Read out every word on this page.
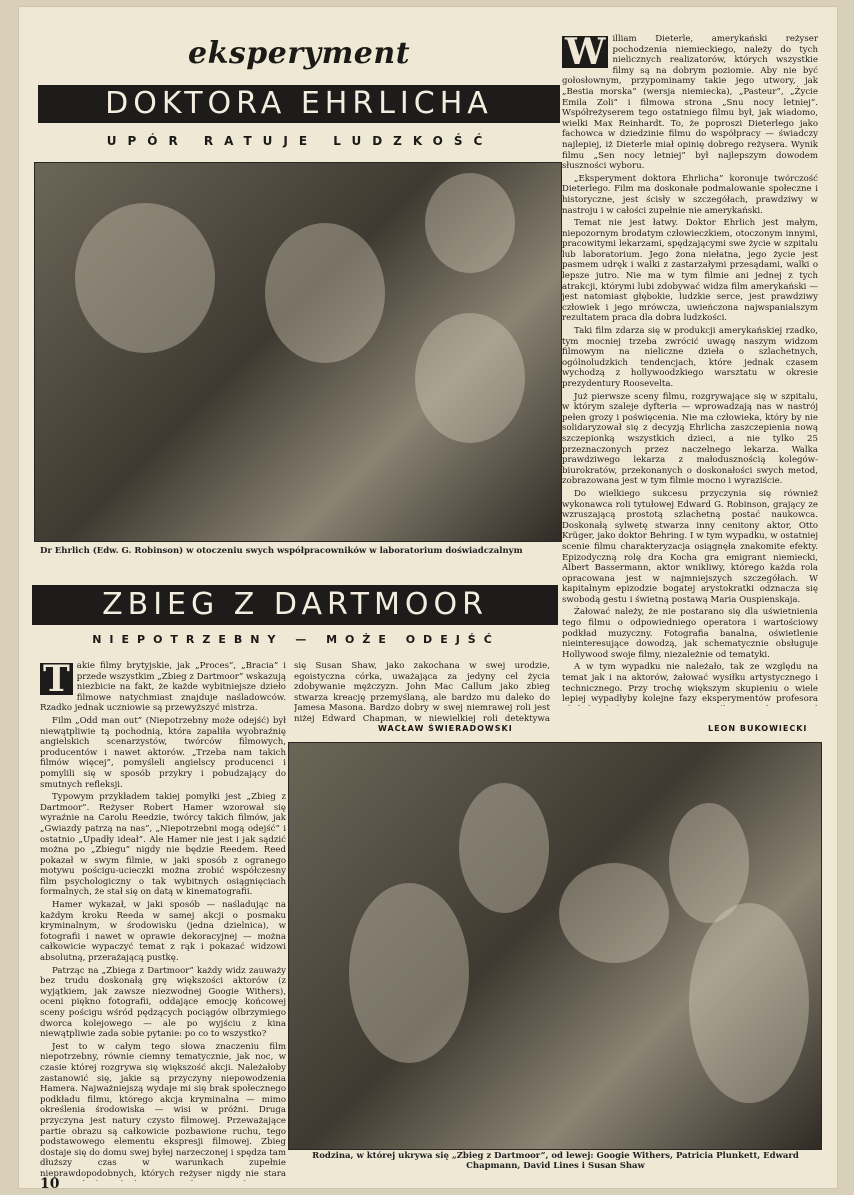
eksperyment
DOKTORA EHRLICHA
UPÓR RATUJE LUDZKOŚĆ
Dr Ehrlich (Edw. G. Robinson) w otoczeniu swych współpracowników w laboratorium doświadczalnym
ZBIEG Z DARTMOOR
NIEPOTRZEBNY — MOŻE ODEJŚĆ
W illiam Dieterle, amerykański reżyser pochodzenia niemieckiego, należy do tych nielicznych realizatorów, których wszystkie filmy są na dobrym poziomie. Aby nie być gołosłownym, przypominamy takie jego utwory, jak „Bestia morska” (wersja niemiecka), „Pasteur”, „Życie Emila Zoli” i filmowa strona „Snu nocy letniej”. Współreżyserem tego ostatniego filmu był, jak wiadomo, wielki Max Reinhardt. To, że poproszi Dieterlego jako fachowca w dziedzinie filmu do współpracy — świadczy najlepiej, iż Dieterle miał opinię dobrego reżysera. Wynik filmu „Sen nocy letniej” był najlepszym dowodem słuszności wyboru.

„Eksperyment doktora Ehrlicha” koronuje twórczość Dieterlego. Film ma doskonałe podmalowanie społeczne i historyczne, jest ścisły w szczegółach, prawdziwy w nastroju i w całości zupełnie nie amerykański.

Temat nie jest łatwy. Doktor Ehrlich jest małym, niepozornym brodatym człowieczkiem, otoczonym innymi, pracowitymi lekarzami, spędzającymi swe życie w szpitalu lub laboratorium. Jego żona niełatna, jego życie jest pasmem udręk i walki z zastarzałymi przesądami, walki o lepsze jutro. Nie ma w tym filmie ani jednej z tych atrakcji, którymi lubi zdobywać widza film amerykański — jest natomiast głębokie, ludzkie serce, jest prawdziwy człowiek i jego mrówcza, uwieńczona najwspanialszym rezultatem praca dla dobra ludzkości.

Taki film zdarza się w produkcji amerykańskiej rzadko, tym mocniej trzeba zwrócić uwagę naszym widzom filmowym na nieliczne dzieła o szlachetnych, ogólnoludzkich tendencjach, które jednak czasem wychodzą z hollywoodzkiego warsztatu w okresie prezydentury Roosevelta.

Już pierwsze sceny filmu, rozgrywające się w szpitalu, w którym szaleje dyfteria — wprowadzają nas w nastrój pełen grozy i poświęcenia. Nie ma człowieka, który by nie solidaryzował się z decyzją Ehrlicha zaszczepienia nową szczepionką wszystkich dzieci, a nie tylko 25 przeznaczonych przez naczelnego lekarza. Walka prawdziwego lekarza z małodusznością kolegów-biurokratów, przekonanych o doskonałości swych metod, zobrazowana jest w tym filmie mocno i wyraziście.

Do wielkiego sukcesu przyczynia się również wykonawca roli tytułowej Edward G. Robinson, grający ze wzruszającą prostotą szlachetną postać naukowca. Doskonałą sylwetę stwarza inny cenitony aktor, Otto Krüger, jako doktor Behring. I w tym wypadku, w ostatniej scenie filmu charakteryzacja osiągnęła znakomite efekty. Epizodyczną rolę dra Kocha gra emigrant niemiecki, Albert Bassermann, aktor wnikliwy, którego każda rola opracowana jest w najmniejszych szczegółach. W kapitalnym epizodzie bogatej arystokratki odznacza się swobodą gestu i świetną postawą Maria Ouspienskaja.

Żałować należy, że nie postarano się dla uświetnienia tego filmu o odpowiedniego operatora i wartościowy podkład muzyczny. Fotografia banalna, oświetlenie nieinteresujące dowodzą, jak schematycznie obsługuje Hollywood swoje filmy, niezależnie od tematyki.

A w tym wypadku nie należało, tak ze względu na temat jak i na aktorów, żałować wysiłku artystycznego i technicznego. Przy trochę większym skupieniu o wiele lepiej wypadłyby kolejne fazy eksperymentów profesora

LEON BUKOWIECKI
T akie filmy brytyjskie, jak „Proces”, „Bracia” i przede wszystkim „Zbieg z Dartmoor” wskazują niezbicie na fakt, że każde wybitniejsze dzieło filmowe natychmiast znajduje naśladowców. Rzadko jednak uczniowie są przewyższyć mistrza.

Film „Odd man out” (Niepotrzebny może odejść) był niewątpliwie tą pochodnią, która zapaliła wyobraźnię angielskich scenarzystów, twórców filmowych, producentów i nawet aktorów. „Trzeba nam takich filmów więcej”, pomyśleli angielscy producenci i pomylili się w sposób przykry i pobudzający do smutnych refleksji.

Typowym przykładem takiej pomyłki jest „Zbieg z Dartmoor”. Reżyser Robert Hamer wzorował się wyraźnie na Carolu Reedzie, twórcy takich filmów, jak „Gwiazdy patrzą na nas”, „Niepotrzebni mogą odejść” i ostatnio „Upadły ideał”. Ale Hamer nie jest i jak sądzić można po „Zbiegu” nigdy nie będzie Reedem. Reed pokazał w swym filmie, w jaki sposób z ogranego motywu pościgu-ucieczki można zrobić współczesny film psychologiczny o tak wybitnych osiągnięciach formalnych, że stał się on datą w kinematografii.

Hamer wykazał, w jaki sposób — naśladując na każdym kroku Reeda w samej akcji o posmaku kryminalnym, w środowisku (jedna dzielnica), w fotografii i nawet w oprawie dekoracyjnej — można całkowicie wypaczyć temat z rąk i pokazać widzowi absolutną, przerażającą pustkę.

Patrząc na „Zbiega z Dartmoor” każdy widz zauważy bez trudu doskonałą grę większości aktorów (z wyjątkiem, jak zawsze niezwodnej Googie Withers), oceni piękno fotografii, oddające emocję końcowej sceny pościgu wśród pędzących pociągów olbrzymiego dworca kolejowego — ale po wyjściu z kina niewątpliwie zada sobie pytanie: po co to wszystko?

Jest to w całym tego słowa znaczeniu film niepotrzebny, równie ciemny tematycznie, jak noc, w czasie której rozgrywa się większość akcji. Należałoby zastanowić się, jakie są przyczyny niepowodzenia Hamera. Najważniejszą wydaje mi się brak społecznego podkładu filmu, którego akcja kryminalna — mimo określenia środowiska — wisi w próżni. Druga przyczyna jest natury czysto filmowej. Przeważające partie obrazu są całkowicie pozbawione ruchu, tego podstawowego elementu ekspresji filmowej. Zbieg dostaje się do domu swej byłej narzeczonej i spędza tam dłuższy czas w warunkach zupełnie nieprawdopodobnych, których reżyser nigdy nie stara

się Susan Shaw, jako zakochana w swej urodzie, egoistyczna córka, uważająca za jedyny cel życia zdobywanie mężczyzn. John Mac Callum jako zbieg stwarza kreację przemyślaną, ale bardzo mu daleko do Jamesa Masona. Bardzo dobry w swej niemrawej roli jest niżej Edward Chapman, w niewielkiej roli detektywa

WACŁAW ŚWIERADOWSKI
Rodzina, w której ukrywa się „Zbieg z Dartmoor”, od lewej: Googie Withers, Patricia Plunkett, Edward Chapmann, David Lines i Susan Shaw
10
